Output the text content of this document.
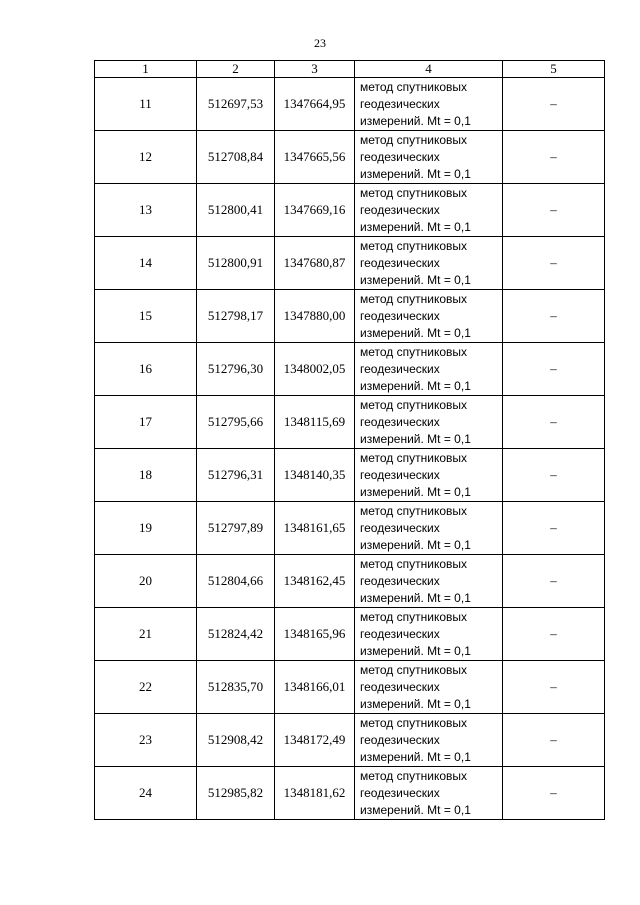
23
1	2	3	4	5
11	512697,53	1347664,95	метод спутниковых
геодезических
измерений. Mt = 0,1	–
12	512708,84	1347665,56	метод спутниковых
геодезических
измерений. Mt = 0,1	–
13	512800,41	1347669,16	метод спутниковых
геодезических
измерений. Mt = 0,1	–
14	512800,91	1347680,87	метод спутниковых
геодезических
измерений. Mt = 0,1	–
15	512798,17	1347880,00	метод спутниковых
геодезических
измерений. Mt = 0,1	–
16	512796,30	1348002,05	метод спутниковых
геодезических
измерений. Mt = 0,1	–
17	512795,66	1348115,69	метод спутниковых
геодезических
измерений. Mt = 0,1	–
18	512796,31	1348140,35	метод спутниковых
геодезических
измерений. Mt = 0,1	–
19	512797,89	1348161,65	метод спутниковых
геодезических
измерений. Mt = 0,1	–
20	512804,66	1348162,45	метод спутниковых
геодезических
измерений. Mt = 0,1	–
21	512824,42	1348165,96	метод спутниковых
геодезических
измерений. Mt = 0,1	–
22	512835,70	1348166,01	метод спутниковых
геодезических
измерений. Mt = 0,1	–
23	512908,42	1348172,49	метод спутниковых
геодезических
измерений. Mt = 0,1	–
24	512985,82	1348181,62	метод спутниковых
геодезических
измерений. Mt = 0,1	–
